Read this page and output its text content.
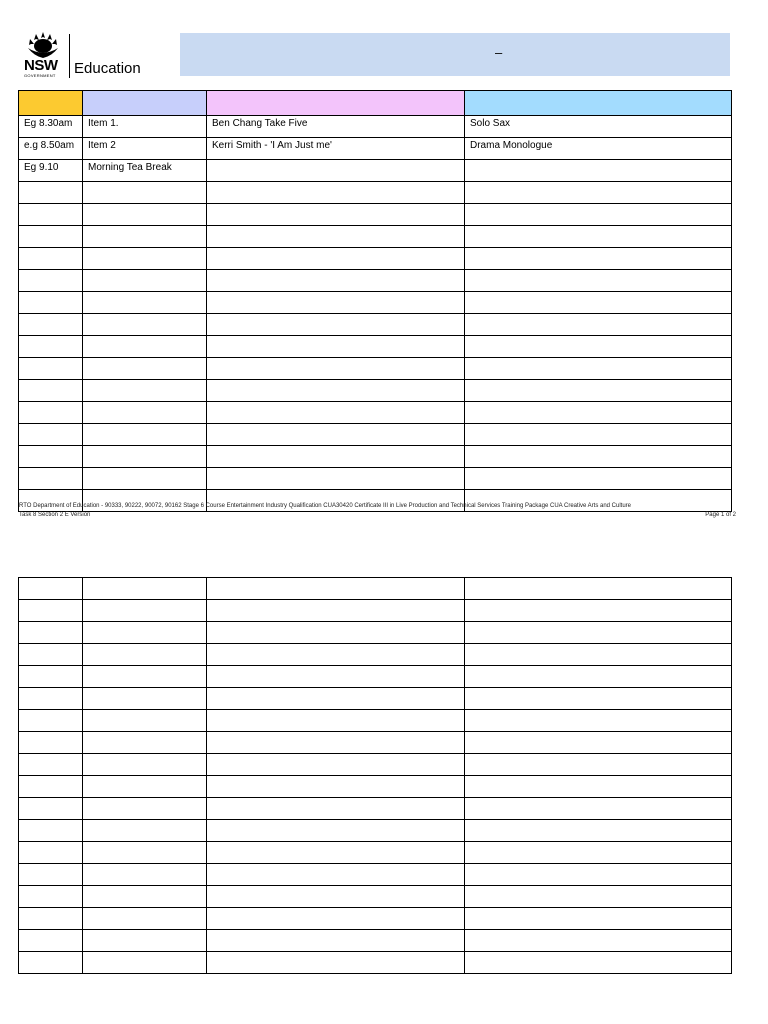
NSW
GOVERNMENT Education
–

Eg 8.30am	Item 1.	Ben Chang Take Five	Solo Sax
e.g 8.50am	Item 2	Kerri Smith - 'I Am Just me'	Drama Monologue
Eg 9.10	Morning Tea Break		

RTO Department of Education - 90333, 90222, 90072, 90162 Stage 6 Course Entertainment Industry Qualification CUA30420 Certificate III in Live Production and Technical Services Training Package CUA Creative Arts and Culture
Task 8 Section 2 E Version	Page 1 of 2
